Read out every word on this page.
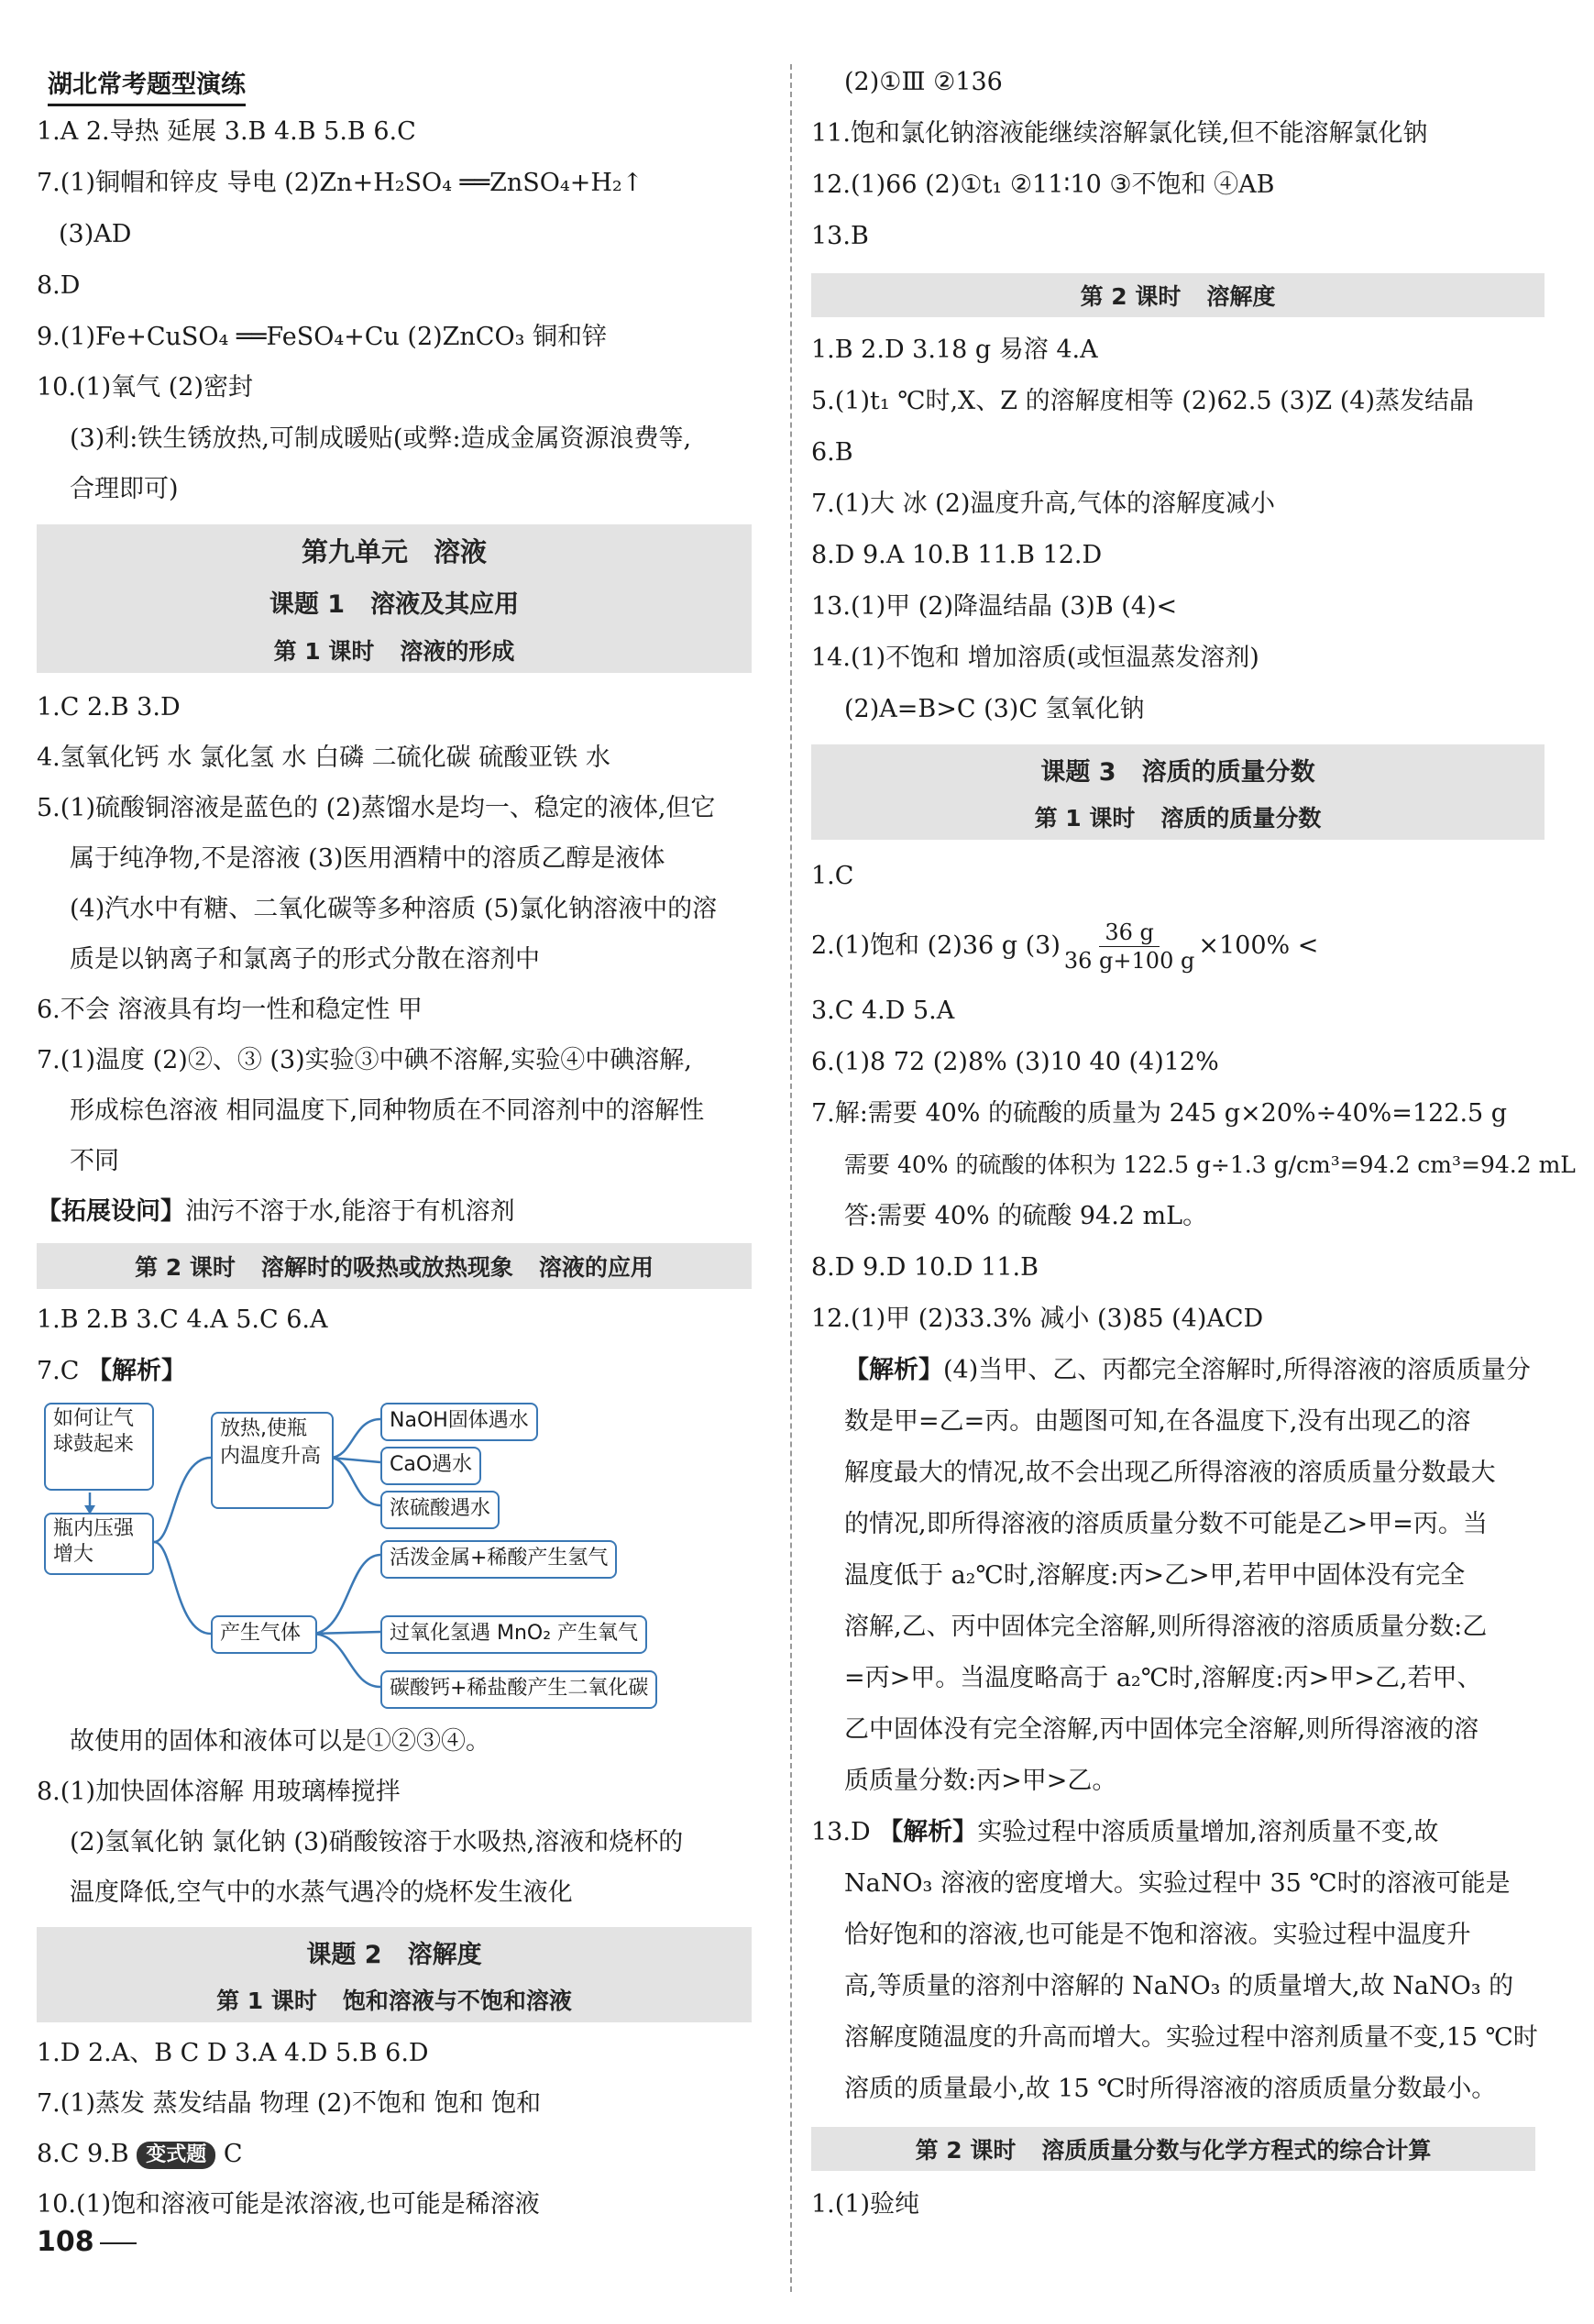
湖北常考题型演练
1.A 2.导热 延展 3.B 4.B 5.B 6.C
7.(1)铜帽和锌皮 导电 (2)Zn+H₂SO₄ ══ZnSO₄+H₂↑
(3)AD
8.D
9.(1)Fe+CuSO₄ ══FeSO₄+Cu (2)ZnCO₃ 铜和锌
10.(1)氧气 (2)密封
(3)利:铁生锈放热,可制成暖贴(或弊:造成金属资源浪费等,
合理即可)
第九单元 溶液
课题 1 溶液及其应用
第 1 课时 溶液的形成
1.C 2.B 3.D
4.氢氧化钙 水 氯化氢 水 白磷 二硫化碳 硫酸亚铁 水
5.(1)硫酸铜溶液是蓝色的 (2)蒸馏水是均一、稳定的液体,但它
属于纯净物,不是溶液 (3)医用酒精中的溶质乙醇是液体
(4)汽水中有糖、二氧化碳等多种溶质 (5)氯化钠溶液中的溶
质是以钠离子和氯离子的形式分散在溶剂中
6.不会 溶液具有均一性和稳定性 甲
7.(1)温度 (2)②、③ (3)实验③中碘不溶解,实验④中碘溶解,
形成棕色溶液 相同温度下,同种物质在不同溶剂中的溶解性
不同
【拓展设问】油污不溶于水,能溶于有机溶剂
第 2 课时 溶解时的吸热或放热现象 溶液的应用
1.B 2.B 3.C 4.A 5.C 6.A
7.C 【解析】
如何让气球鼓起来
瓶内压强增大
放热,使瓶内温度升高
产生气体
NaOH固体遇水
CaO遇水
浓硫酸遇水
活泼金属+稀酸产生氢气
过氧化氢遇 MnO₂ 产生氧气
碳酸钙+稀盐酸产生二氧化碳
故使用的固体和液体可以是①②③④。
8.(1)加快固体溶解 用玻璃棒搅拌
(2)氢氧化钠 氯化钠 (3)硝酸铵溶于水吸热,溶液和烧杯的
温度降低,空气中的水蒸气遇冷的烧杯发生液化
课题 2 溶解度
第 1 课时 饱和溶液与不饱和溶液
1.D 2.A、B C D 3.A 4.D 5.B 6.D
7.(1)蒸发 蒸发结晶 物理 (2)不饱和 饱和 饱和
8.C 9.B 变式题 C
10.(1)饱和溶液可能是浓溶液,也可能是稀溶液
108
(2)①Ⅲ ②136
11.饱和氯化钠溶液能继续溶解氯化镁,但不能溶解氯化钠
12.(1)66 (2)①t₁ ②11∶10 ③不饱和 ④AB
13.B
第 2 课时 溶解度
1.B 2.D 3.18 g 易溶 4.A
5.(1)t₁ ℃时,X、Z 的溶解度相等 (2)62.5 (3)Z (4)蒸发结晶
6.B
7.(1)大 冰 (2)温度升高,气体的溶解度减小
8.D 9.A 10.B 11.B 12.D
13.(1)甲 (2)降温结晶 (3)B (4)<
14.(1)不饱和 增加溶质(或恒温蒸发溶剂)
(2)A=B>C (3)C 氢氧化钠
课题 3 溶质的质量分数
第 1 课时 溶质的质量分数
1.C
2.(1)饱和 (2)36 g $(3) \frac{36 g}{36 g+100 g} \times 100\%$ <
3.C 4.D 5.A
6.(1)8 72 (2)8% (3)10 40 (4)12%
7.解:需要 40% 的硫酸的质量为 245 g×20%÷40%=122.5 g
需要 40% 的硫酸的体积为 122.5 g÷1.3 g/cm³=94.2 cm³=94.2 mL
答:需要 40% 的硫酸 94.2 mL。
8.D 9.D 10.D 11.B
12.(1)甲 (2)33.3% 减小 (3)85 (4)ACD
【解析】(4)当甲、乙、丙都完全溶解时,所得溶液的溶质质量分
数是甲=乙=丙。由题图可知,在各温度下,没有出现乙的溶
解度最大的情况,故不会出现乙所得溶液的溶质质量分数最大
的情况,即所得溶液的溶质质量分数不可能是乙>甲=丙。当
温度低于 a₂℃时,溶解度:丙>乙>甲,若甲中固体没有完全
溶解,乙、丙中固体完全溶解,则所得溶液的溶质质量分数:乙
=丙>甲。当温度略高于 a₂℃时,溶解度:丙>甲>乙,若甲、
乙中固体没有完全溶解,丙中固体完全溶解,则所得溶液的溶
质质量分数:丙>甲>乙。
13.D 【解析】实验过程中溶质质量增加,溶剂质量不变,故
NaNO₃ 溶液的密度增大。实验过程中 35 ℃时的溶液可能是
恰好饱和的溶液,也可能是不饱和溶液。实验过程中温度升
高,等质量的溶剂中溶解的 NaNO₃ 的质量增大,故 NaNO₃ 的
溶解度随温度的升高而增大。实验过程中溶剂质量不变,15 ℃时
溶质的质量最小,故 15 ℃时所得溶液的溶质质量分数最小。
第 2 课时 溶质质量分数与化学方程式的综合计算
1.(1)验纯
